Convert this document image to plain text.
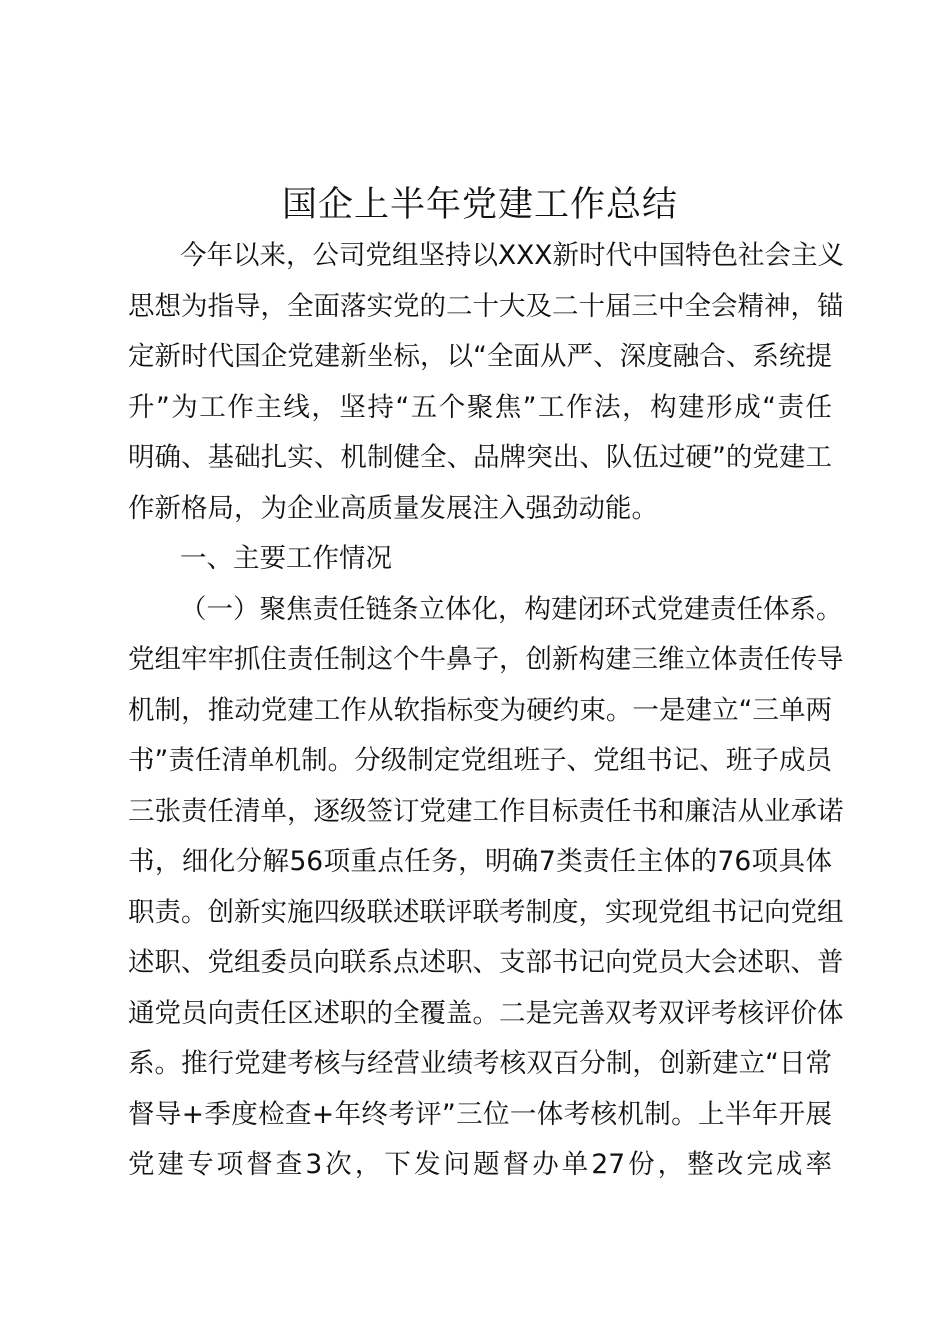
国企上半年党建工作总结
今年以来，公司党组坚持以XXX新时代中国特色社会主义
思想为指导，全面落实党的二十大及二十届三中全会精神，锚
定新时代国企党建新坐标，以“全面从严、深度融合、系统提
升”为工作主线，坚持“五个聚焦”工作法，构建形成“责任
明确、基础扎实、机制健全、品牌突出、队伍过硬”的党建工
作新格局，为企业高质量发展注入强劲动能。
一、主要工作情况
（一）聚焦责任链条立体化，构建闭环式党建责任体系。
党组牢牢抓住责任制这个牛鼻子，创新构建三维立体责任传导
机制，推动党建工作从软指标变为硬约束。一是建立“三单两
书”责任清单机制。分级制定党组班子、党组书记、班子成员
三张责任清单，逐级签订党建工作目标责任书和廉洁从业承诺
书，细化分解56项重点任务，明确7类责任主体的76项具体
职责。创新实施四级联述联评联考制度，实现党组书记向党组
述职、党组委员向联系点述职、支部书记向党员大会述职、普
通党员向责任区述职的全覆盖。二是完善双考双评考核评价体
系。推行党建考核与经营业绩考核双百分制，创新建立“日常
督导+季度检查+年终考评”三位一体考核机制。上半年开展
党建专项督查3次，下发问题督办单27份，整改完成率
